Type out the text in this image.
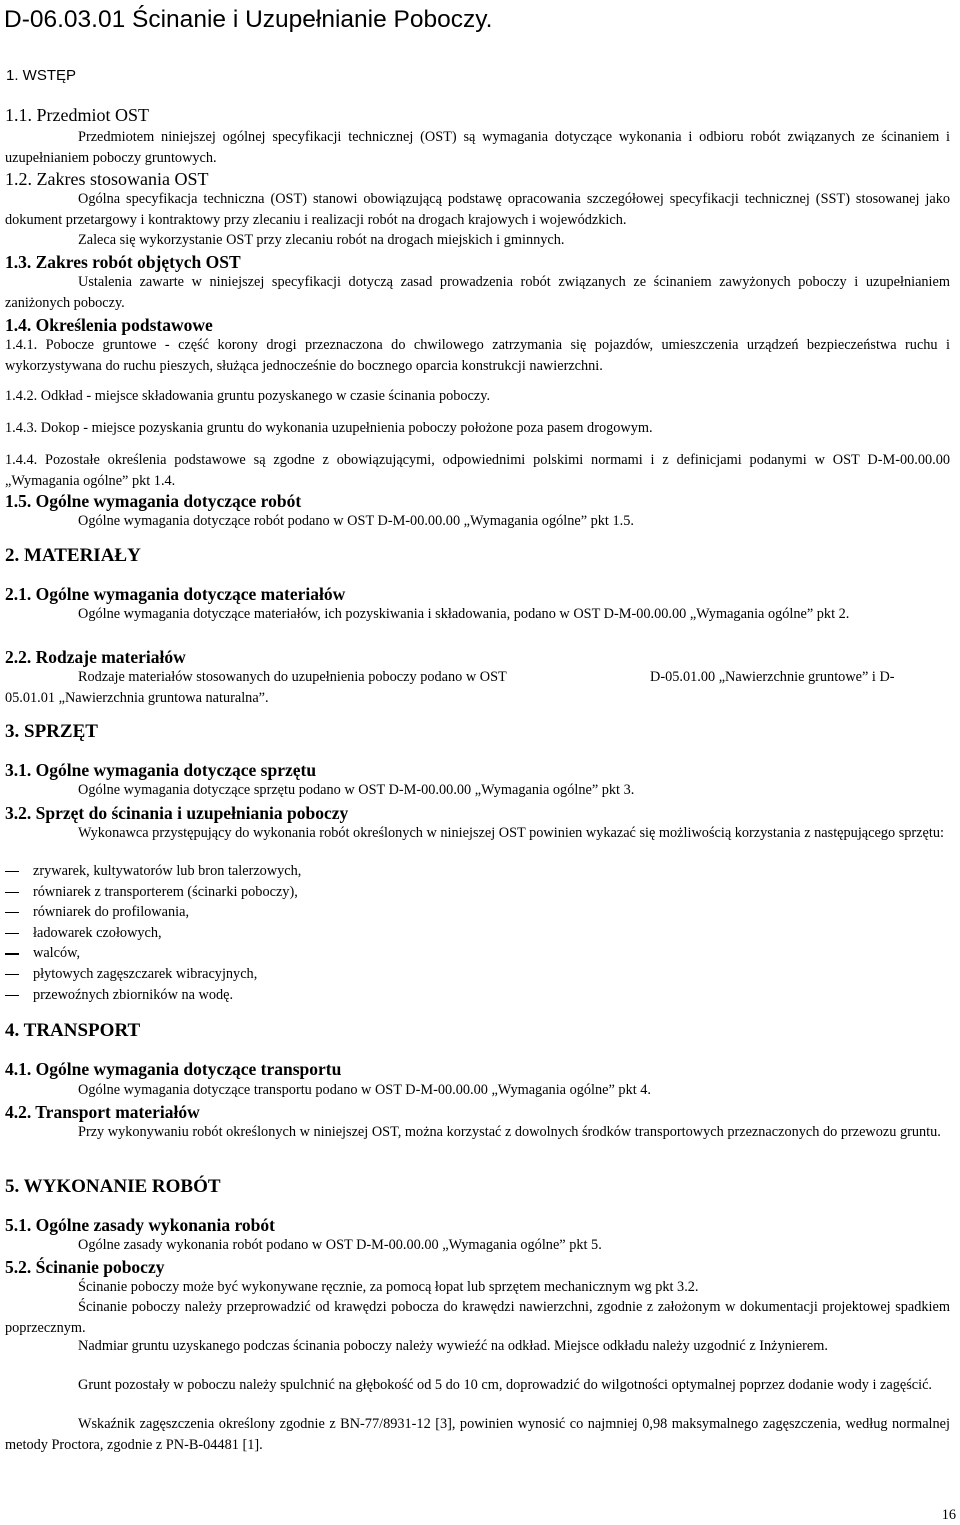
D-06.03.01 Ścinanie i Uzupełnianie Poboczy.
1. WSTĘP
1.1. Przedmiot OST

Przedmiotem niniejszej ogólnej specyfikacji technicznej (OST) są wymagania dotyczące wykonania i odbioru robót związanych ze ścinaniem i uzupełnianiem poboczy gruntowych.

1.2. Zakres stosowania OST

Ogólna specyfikacja techniczna (OST) stanowi obowiązującą podstawę opracowania szczegółowej specyfikacji technicznej (SST) stosowanej jako dokument przetargowy i kontraktowy przy zlecaniu i realizacji robót na drogach krajowych i wojewódzkich.

Zaleca się wykorzystanie OST przy zlecaniu robót na drogach miejskich i gminnych.

1.3. Zakres robót objętych OST

Ustalenia zawarte w niniejszej specyfikacji dotyczą zasad prowadzenia robót związanych ze ścinaniem zawyżonych poboczy i uzupełnianiem zaniżonych poboczy.

1.4. Określenia podstawowe

1.4.1. Pobocze gruntowe - część korony drogi przeznaczona do chwilowego zatrzymania się pojazdów, umieszczenia urządzeń bezpieczeństwa ruchu i wykorzystywana do ruchu pieszych, służąca jednocześnie do bocznego oparcia konstrukcji nawierzchni.

1.4.2. Odkład - miejsce składowania gruntu pozyskanego w czasie ścinania poboczy.

1.4.3. Dokop - miejsce pozyskania gruntu do wykonania uzupełnienia poboczy położone poza pasem drogowym.

1.4.4. Pozostałe określenia podstawowe są zgodne z obowiązującymi, odpowiednimi polskimi normami i z definicjami podanymi w OST D-M-00.00.00 „Wymagania ogólne” pkt 1.4.

1.5. Ogólne wymagania dotyczące robót

Ogólne wymagania dotyczące robót podano w OST D-M-00.00.00 „Wymagania ogólne” pkt 1.5.

2. MATERIAŁY
2.1. Ogólne wymagania dotyczące materiałów

Ogólne wymagania dotyczące materiałów, ich pozyskiwania i składowania, podano w OST D-M-00.00.00 „Wymagania ogólne” pkt 2.

2.2. Rodzaje materiałów

Rodzaje materiałów stosowanych do uzupełnienia poboczy podano w OST	D-05.01.00 „Nawierzchnie gruntowe” i D-

05.01.01 „Nawierzchnia gruntowa naturalna”.

3. SPRZĘT
3.1. Ogólne wymagania dotyczące sprzętu

Ogólne wymagania dotyczące sprzętu podano w OST D-M-00.00.00 „Wymagania ogólne” pkt 3.

3.2. Sprzęt do ścinania i uzupełniania poboczy

Wykonawca przystępujący do wykonania robót określonych w niniejszej OST powinien wykazać się możliwością korzystania z następującego sprzętu:

zrywarek, kultywatorów lub bron talerzowych,
równiarek z transporterem (ścinarki poboczy),
równiarek do profilowania,
ładowarek czołowych,
walców,
płytowych zagęszczarek wibracyjnych,
przewoźnych zbiorników na wodę.
4. TRANSPORT
4.1. Ogólne wymagania dotyczące transportu

Ogólne wymagania dotyczące transportu podano w OST D-M-00.00.00 „Wymagania ogólne” pkt 4.

4.2. Transport materiałów

Przy wykonywaniu robót określonych w niniejszej OST, można korzystać z dowolnych środków transportowych przeznaczonych do przewozu gruntu.

5. WYKONANIE ROBÓT
5.1. Ogólne zasady wykonania robót

Ogólne zasady wykonania robót podano w OST D-M-00.00.00 „Wymagania ogólne” pkt 5.

5.2. Ścinanie poboczy

Ścinanie poboczy może być wykonywane ręcznie, za pomocą łopat lub sprzętem mechanicznym wg pkt 3.2.

Ścinanie poboczy należy przeprowadzić od krawędzi pobocza do krawędzi nawierzchni, zgodnie z założonym w dokumentacji projektowej spadkiem poprzecznym.

Nadmiar gruntu uzyskanego podczas ścinania poboczy należy wywieźć na odkład. Miejsce odkładu należy uzgodnić z Inżynierem.

Grunt pozostały w poboczu należy spulchnić na głębokość od 5 do 10 cm, doprowadzić do wilgotności optymalnej poprzez dodanie wody i zagęścić.

Wskaźnik zagęszczenia określony zgodnie z BN-77/8931-12 [3], powinien wynosić co najmniej 0,98 maksymalnego zagęszczenia, według normalnej metody Proctora, zgodnie z PN-B-04481 [1].

16
